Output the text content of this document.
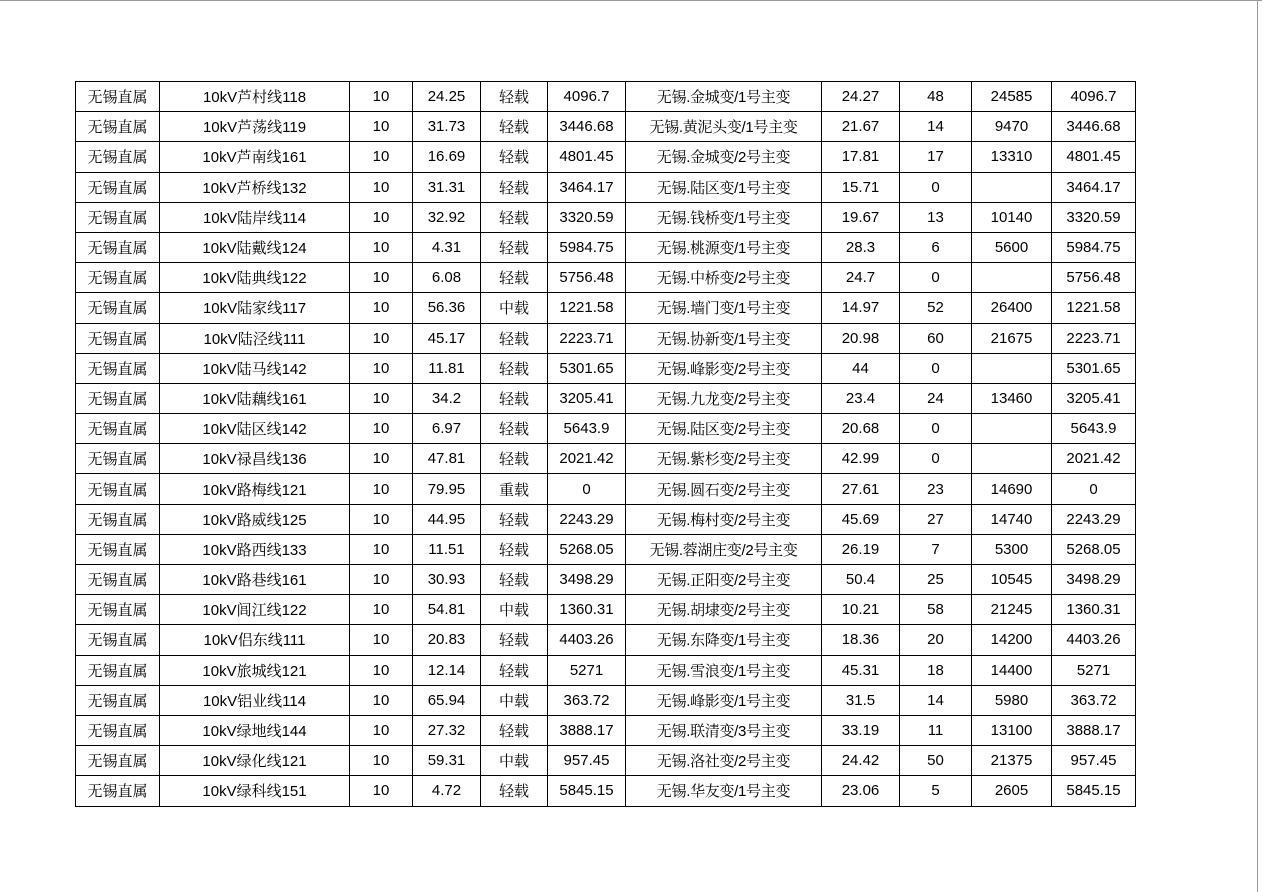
无锡直属	10kV芦村线118	10	24.25	轻载	4096.7	无锡.金城变/1号主变	24.27	48	24585	4096.7
无锡直属	10kV芦荡线119	10	31.73	轻载	3446.68	无锡.黄泥头变/1号主变	21.67	14	9470	3446.68
无锡直属	10kV芦南线161	10	16.69	轻载	4801.45	无锡.金城变/2号主变	17.81	17	13310	4801.45
无锡直属	10kV芦桥线132	10	31.31	轻载	3464.17	无锡.陆区变/1号主变	15.71	0		3464.17
无锡直属	10kV陆岸线114	10	32.92	轻载	3320.59	无锡.钱桥变/1号主变	19.67	13	10140	3320.59
无锡直属	10kV陆戴线124	10	4.31	轻载	5984.75	无锡.桃源变/1号主变	28.3	6	5600	5984.75
无锡直属	10kV陆典线122	10	6.08	轻载	5756.48	无锡.中桥变/2号主变	24.7	0		5756.48
无锡直属	10kV陆家线117	10	56.36	中载	1221.58	无锡.墙门变/1号主变	14.97	52	26400	1221.58
无锡直属	10kV陆泾线111	10	45.17	轻载	2223.71	无锡.协新变/1号主变	20.98	60	21675	2223.71
无锡直属	10kV陆马线142	10	11.81	轻载	5301.65	无锡.峰影变/2号主变	44	0		5301.65
无锡直属	10kV陆藕线161	10	34.2	轻载	3205.41	无锡.九龙变/2号主变	23.4	24	13460	3205.41
无锡直属	10kV陆区线142	10	6.97	轻载	5643.9	无锡.陆区变/2号主变	20.68	0		5643.9
无锡直属	10kV禄昌线136	10	47.81	轻载	2021.42	无锡.紫杉变/2号主变	42.99	0		2021.42
无锡直属	10kV路梅线121	10	79.95	重载	0	无锡.圆石变/2号主变	27.61	23	14690	0
无锡直属	10kV路威线125	10	44.95	轻载	2243.29	无锡.梅村变/2号主变	45.69	27	14740	2243.29
无锡直属	10kV路西线133	10	11.51	轻载	5268.05	无锡.蓉湖庄变/2号主变	26.19	7	5300	5268.05
无锡直属	10kV路巷线161	10	30.93	轻载	3498.29	无锡.正阳变/2号主变	50.4	25	10545	3498.29
无锡直属	10kV闾江线122	10	54.81	中载	1360.31	无锡.胡埭变/2号主变	10.21	58	21245	1360.31
无锡直属	10kV侣东线111	10	20.83	轻载	4403.26	无锡.东降变/1号主变	18.36	20	14200	4403.26
无锡直属	10kV旅城线121	10	12.14	轻载	5271	无锡.雪浪变/1号主变	45.31	18	14400	5271
无锡直属	10kV铝业线114	10	65.94	中载	363.72	无锡.峰影变/1号主变	31.5	14	5980	363.72
无锡直属	10kV绿地线144	10	27.32	轻载	3888.17	无锡.联清变/3号主变	33.19	11	13100	3888.17
无锡直属	10kV绿化线121	10	59.31	中载	957.45	无锡.洛社变/2号主变	24.42	50	21375	957.45
无锡直属	10kV绿科线151	10	4.72	轻载	5845.15	无锡.华友变/1号主变	23.06	5	2605	5845.15
